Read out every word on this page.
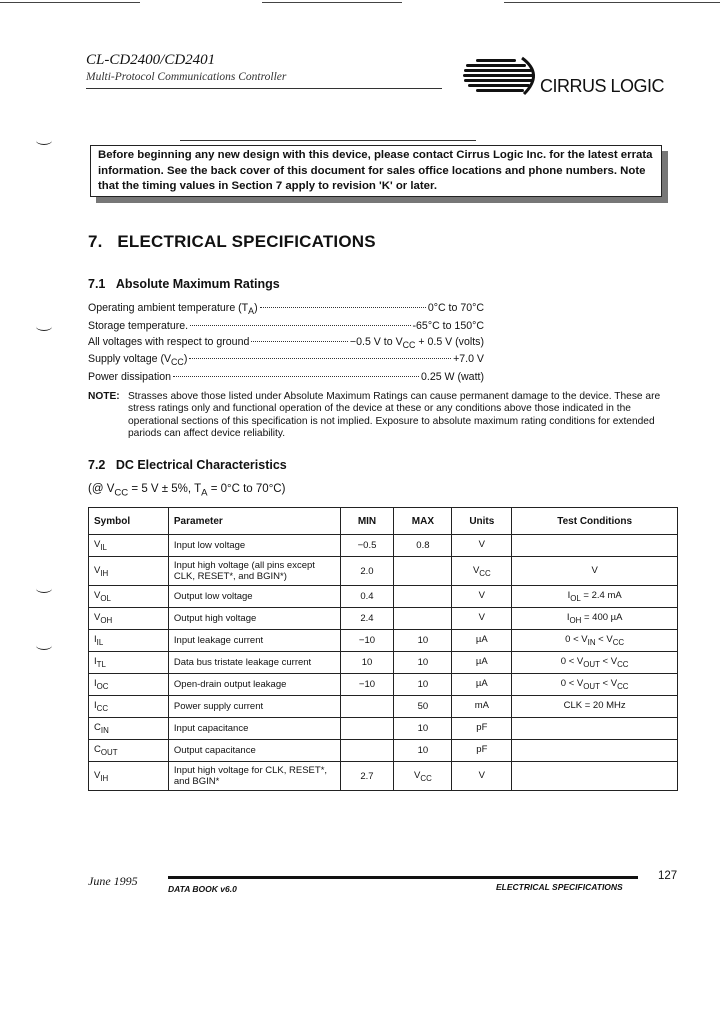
CL-CD2400/CD2401
Multi-Protocol Communications Controller	CIRRUS LOGIC
Before beginning any new design with this device, please contact Cirrus Logic Inc. for the latest errata information. See the back cover of this document for sales office locations and phone numbers. Note that the timing values in Section 7 apply to revision 'K' or later.
7. ELECTRICAL SPECIFICATIONS
7.1 Absolute Maximum Ratings
Operating ambient temperature $(T_A)$	0°C to 70°C
Storage temperature.	-65°C to 150°C
All voltages with respect to ground	−0.5 V to $V_{CC} + 0.5$ V (volts)
Supply voltage $(V_{CC})$	+7.0 V
Power dissipation	0.25 W (watt)
NOTE: Strasses above those listed under Absolute Maximum Ratings can cause permanent damage to the device. These are stress ratings only and functional operation of the device at these or any conditions above those indicated in the operational sections of this specification is not implied. Exposure to absolute maximum rating conditions for extended pariods can affect device reliability.
7.2 DC Electrical Characteristics
(@ $V_{CC} = 5$ V ± 5%, $T_A = 0^\circ C$ to 70°C)
Symbol	Parameter	MIN	MAX	Units	Test Conditions
$V_{IL}$	Input low voltage	−0.5	0.8	V	
$V_{IH}$	Input high voltage (all pins except CLK, RESET*, and BGIN*)	2.0		$V_{CC}$	V
$V_{OL}$	Output low voltage	0.4		V	$I_{OL} = 2.4$ mA
$V_{OH}$	Output high voltage	2.4		V	$I_{OH} = 400$ µA
$I_{IL}$	Input leakage current	−10	10	µA	$0 < V_{IN} < V_{CC}$
$I_{TL}$	Data bus tristate leakage current	10	10	µA	$0 < V_{OUT} < V_{CC}$
$I_{OC}$	Open-drain output leakage	−10	10	µA	$0 < V_{OUT} < V_{CC}$
$I_{CC}$	Power supply current		50	mA	CLK = 20 MHz
$C_{IN}$	Input capacitance		10	pF	
$C_{OUT}$	Output capacitance		10	pF	
$V_{IH}$	Input high voltage for CLK, RESET*, and BGIN*	2.7	$V_{CC}$	V	
June 1995
DATA BOOK v6.0	ELECTRICAL SPECIFICATIONS
127
